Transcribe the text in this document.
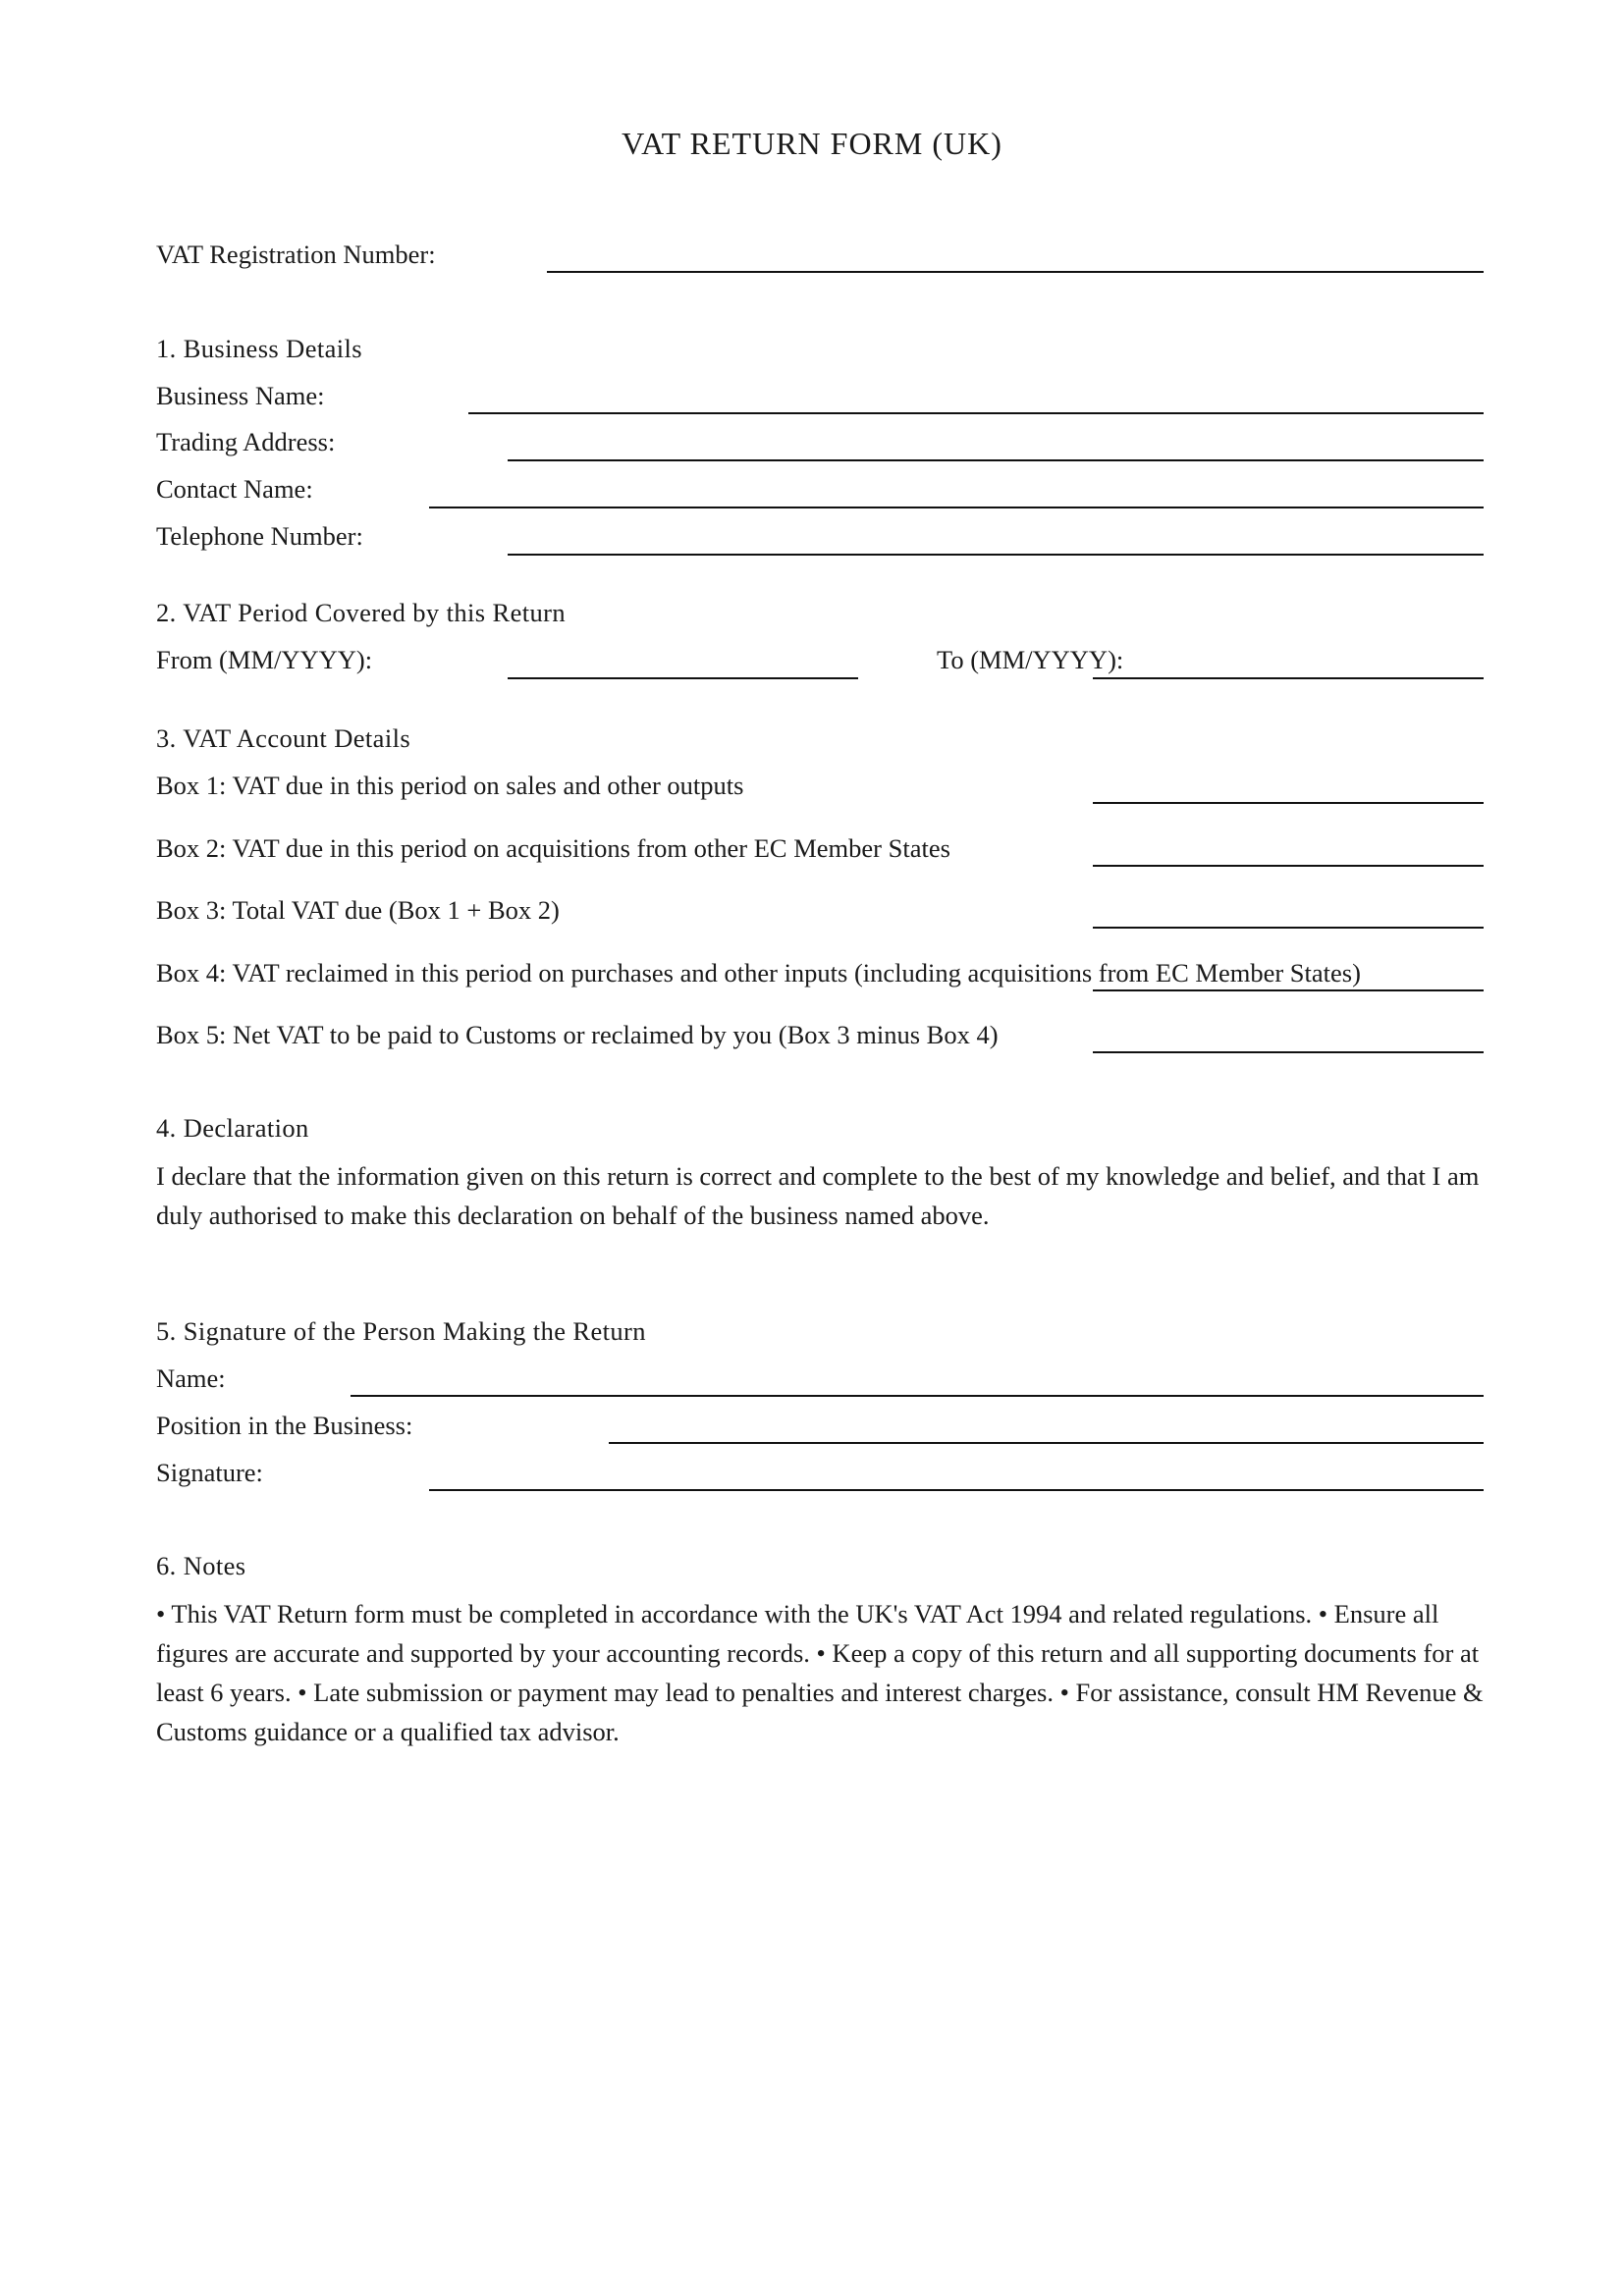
VAT RETURN FORM (UK)
VAT Registration Number:
1. Business Details
Business Name:
Trading Address:
Contact Name:
Telephone Number:
2. VAT Period Covered by this Return
From (MM/YYYY):	To (MM/YYYY):
3. VAT Account Details
Box 1: VAT due in this period on sales and other outputs
Box 2: VAT due in this period on acquisitions from other EC Member States
Box 3: Total VAT due (Box 1 + Box 2)
Box 4: VAT reclaimed in this period on purchases and other inputs (including acquisitions from EC Member States)
Box 5: Net VAT to be paid to Customs or reclaimed by you (Box 3 minus Box 4)
4. Declaration
I declare that the information given on this return is correct and complete to the best of my knowledge and belief, and that I am duly authorised to make this declaration on behalf of the business named above.
5. Signature of the Person Making the Return
Name:
Position in the Business:
Signature:
6. Notes
• This VAT Return form must be completed in accordance with the UK's VAT Act 1994 and related regulations. • Ensure all figures are accurate and supported by your accounting records. • Keep a copy of this return and all supporting documents for at least 6 years. • Late submission or payment may lead to penalties and interest charges. • For assistance, consult HM Revenue & Customs guidance or a qualified tax advisor.
